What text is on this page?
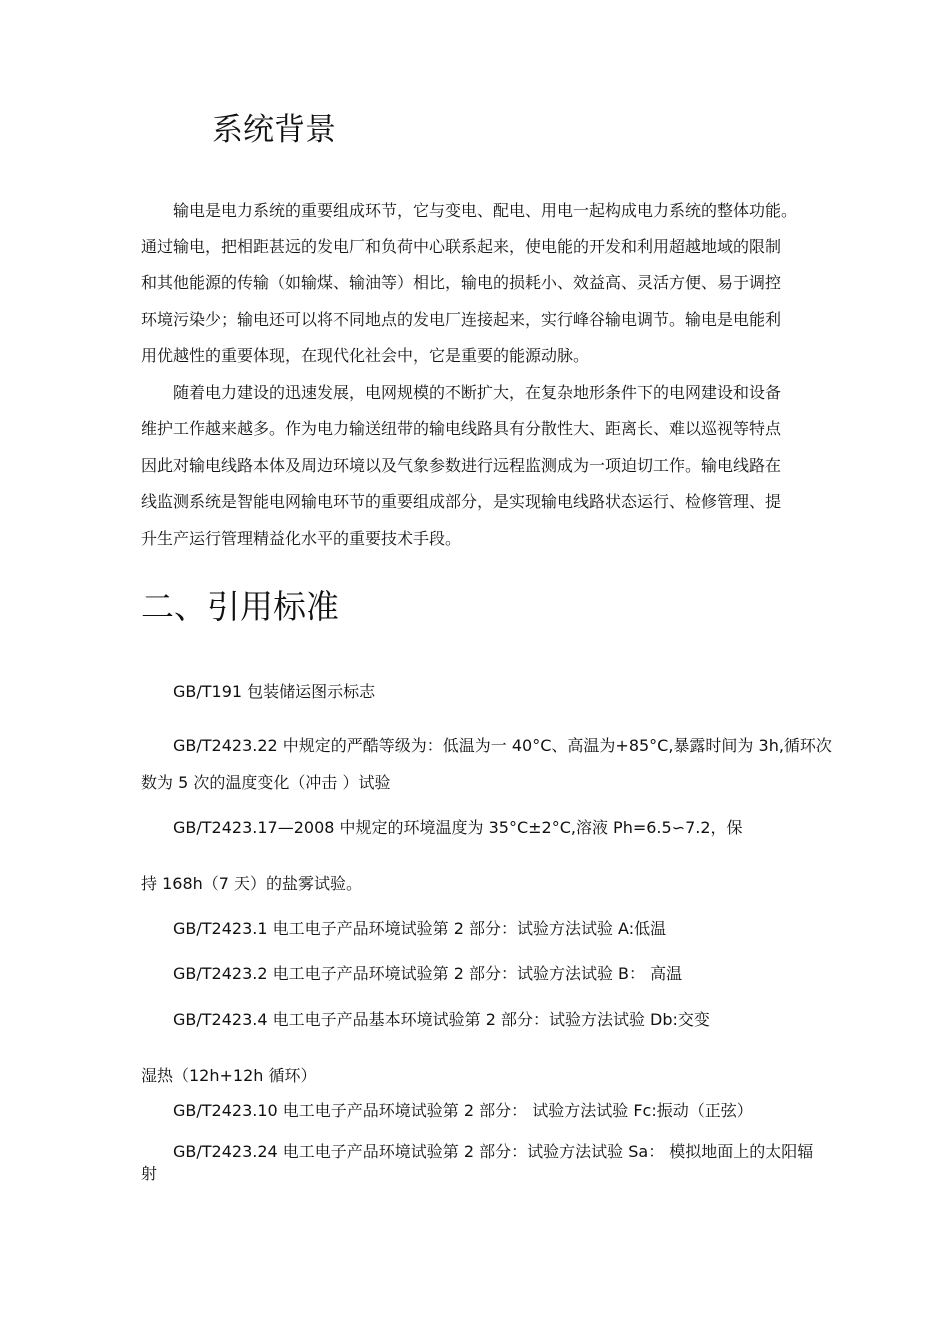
系统背景
输电是电力系统的重要组成环节，它与变电、配电、用电一起构成电力系统的整体功能。
通过输电，把相距甚远的发电厂和负荷中心联系起来，使电能的开发和利用超越地域的限制
和其他能源的传输（如输煤、输油等）相比，输电的损耗小、效益高、灵活方便、易于调控
环境污染少；输电还可以将不同地点的发电厂连接起来，实行峰谷输电调节。输电是电能利
用优越性的重要体现，在现代化社会中，它是重要的能源动脉。
随着电力建设的迅速发展，电网规模的不断扩大，在复杂地形条件下的电网建设和设备
维护工作越来越多。作为电力输送纽带的输电线路具有分散性大、距离长、难以巡视等特点
因此对输电线路本体及周边环境以及气象参数进行远程监测成为一项迫切工作。输电线路在
线监测系统是智能电网输电环节的重要组成部分，是实现输电线路状态运行、检修管理、提
升生产运行管理精益化水平的重要技术手段。
二、引用标准
GB/T191 包装储运图示标志
GB/T2423.22 中规定的严酷等级为：低温为一 40°C、高温为+85°C,暴露时间为 3h,循环次
数为 5 次的温度变化（冲击 ）试验
GB/T2423.17—2008 中规定的环境温度为 35°C±2°C,溶液 Ph=6.5∽7.2，保
持 168h（7 天）的盐雾试验。
GB/T2423.1 电工电子产品环境试验第 2 部分：试验方法试验 A:低温
GB/T2423.2 电工电子产品环境试验第 2 部分：试验方法试验 B： 高温
GB/T2423.4 电工电子产品基本环境试验第 2 部分：试验方法试验 Db:交变
湿热（12h+12h 循环）
GB/T2423.10 电工电子产品环境试验第 2 部分： 试验方法试验 Fc:振动（正弦）
GB/T2423.24 电工电子产品环境试验第 2 部分：试验方法试验 Sa： 模拟地面上的太阳辐
射
